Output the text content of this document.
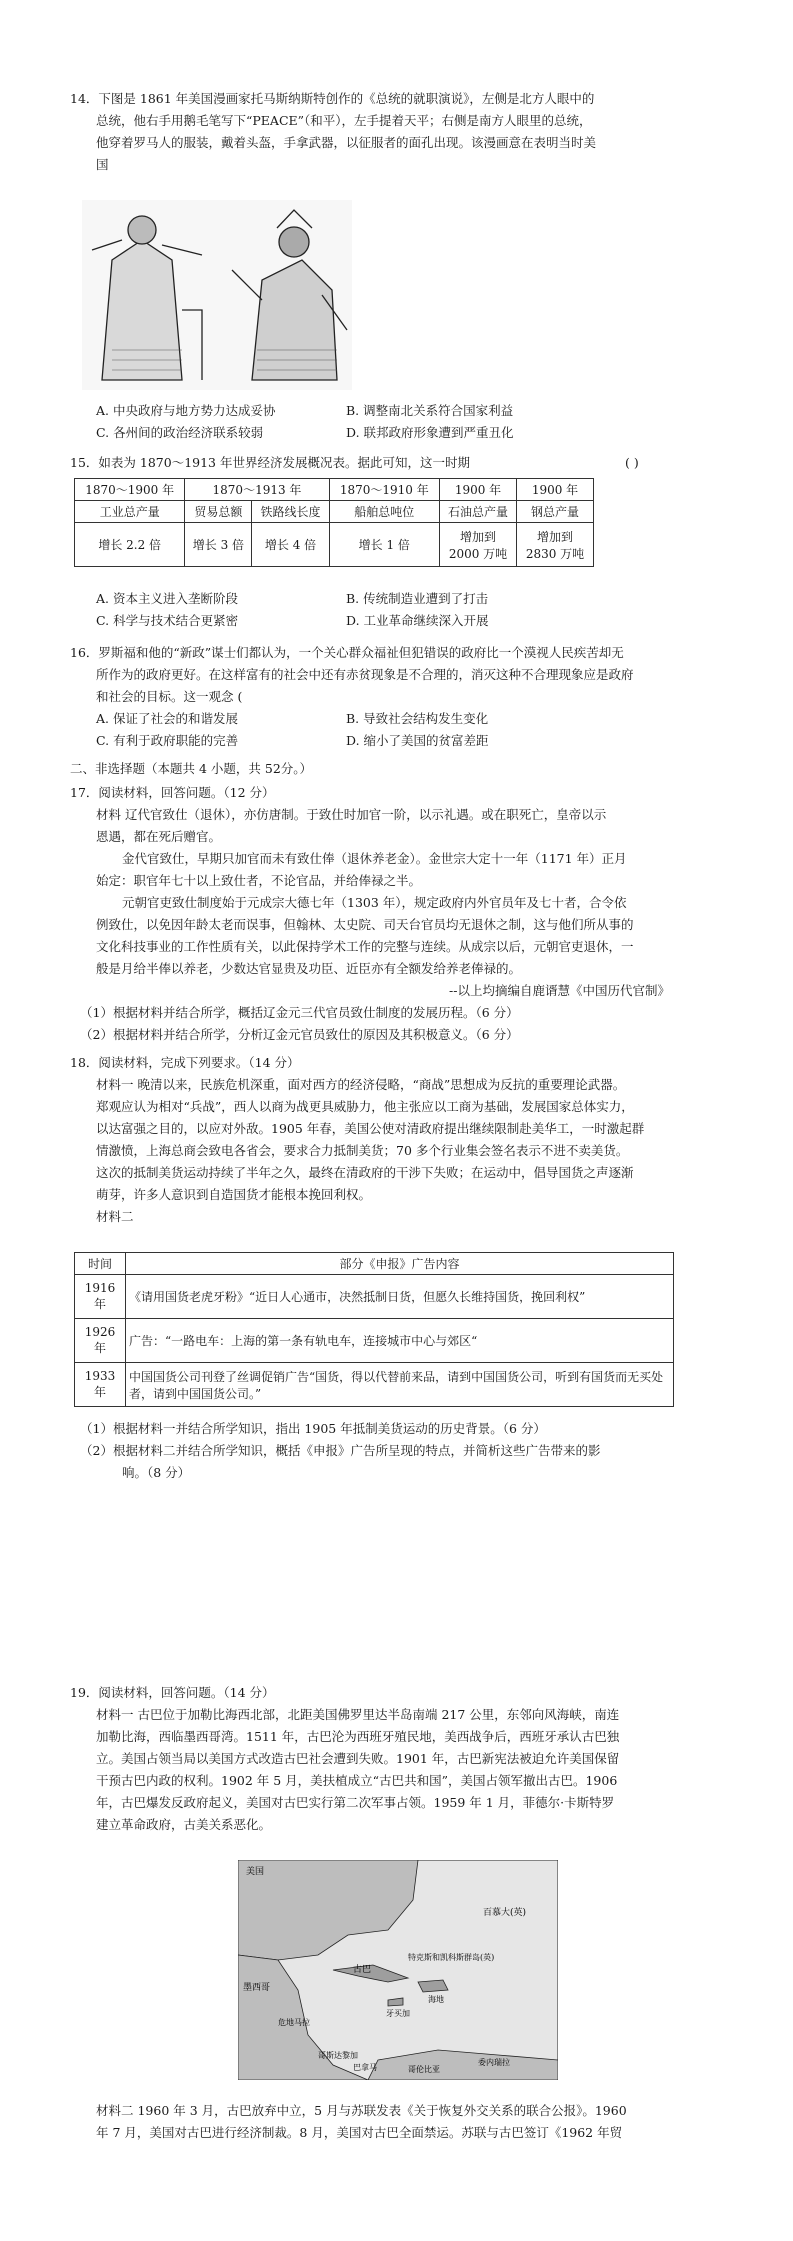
14．下图是 1861 年美国漫画家托马斯纳斯特创作的《总统的就职演说》，左侧是北方人眼中的
总统，他右手用鹅毛笔写下“PEACE”（和平），左手提着天平；右侧是南方人眼里的总统，
他穿着罗马人的服装，戴着头盔，手拿武器，以征服者的面孔出现。该漫画意在表明当时美
国
A. 中央政府与地方势力达成妥协	B. 调整南北关系符合国家利益
C. 各州间的政治经济联系较弱	D. 联邦政府形象遭到严重丑化
15．如表为 1870～1913 年世界经济发展概况表。据此可知，这一时期	( )
1870～1900 年	1870～1913 年		1870～1910 年	1900 年	1900 年
工业总产量	贸易总额	铁路线长度	船舶总吨位	石油总产量	钢总产量
增长 2.2 倍	增长 3 倍	增长 4 倍	增长 1 倍	增加到 2000 万吨	增加到 2830 万吨
A. 资本主义进入垄断阶段	B. 传统制造业遭到了打击
C. 科学与技术结合更紧密	D. 工业革命继续深入开展
16．罗斯福和他的“新政”谋士们都认为，一个关心群众福祉但犯错误的政府比一个漠视人民疾苦却无
所作为的政府更好。在这样富有的社会中还有赤贫现象是不合理的，消灭这种不合理现象应是政府
和社会的目标。这一观念 (
A. 保证了社会的和谐发展	B. 导致社会结构发生变化
C. 有利于政府职能的完善	D. 缩小了美国的贫富差距
二、非选择题（本题共 4 小题，共 52分。）
17．阅读材料，回答问题。（12 分）
材料 辽代官致仕（退休），亦仿唐制。于致仕时加官一阶，以示礼遇。或在职死亡，皇帝以示
恩遇，都在死后赠官。
金代官致仕，早期只加官而未有致仕俸（退休养老金）。金世宗大定十一年（1171 年）正月
始定：职官年七十以上致仕者，不论官品，并给俸禄之半。
元朝官吏致仕制度始于元成宗大德七年（1303 年），规定政府内外官员年及七十者，合令依
例致仕，以免因年龄太老而误事，但翰林、太史院、司天台官员均无退休之制，这与他们所从事的
文化科技事业的工作性质有关，以此保持学术工作的完整与连续。从成宗以后，元朝官吏退休，一
般是月给半俸以养老，少数达官显贵及功臣、近臣亦有全额发给养老俸禄的。
--以上均摘编自鹿谞慧《中国历代官制》
（1）根据材料并结合所学，概括辽金元三代官员致仕制度的发展历程。（6 分）
（2）根据材料并结合所学，分析辽金元官员致仕的原因及其积极意义。（6 分）
18．阅读材料，完成下列要求。（14 分）
材料一 晚清以来，民族危机深重，面对西方的经济侵略，“商战”思想成为反抗的重要理论武器。
郑观应认为相对“兵战”，西人以商为战更具威胁力，他主张应以工商为基础，发展国家总体实力，
以达富强之目的，以应对外敌。1905 年春，美国公使对清政府提出继续限制赴美华工，一时激起群
情激愤，上海总商会致电各省会，要求合力抵制美货；70 多个行业集会签名表示不进不卖美货。
这次的抵制美货运动持续了半年之久，最终在清政府的干涉下失败；在运动中，倡导国货之声逐渐
萌芽，许多人意识到自造国货才能根本挽回利权。
材料二
时间	部分《申报》广告内容
1916 年	《请用国货老虎牙粉》“近日人心通市，决然抵制日货，但愿久长维持国货，挽回利权”
1926 年	广告：“一路电车：上海的第一条有轨电车，连接城市中心与郊区“
1933 年	中国国货公司刊登了丝调促销广告“国货，得以代替前来品，请到中国国货公司，听到有国货而无买处者，请到中国国货公司。”
（1）根据材料一并结合所学知识，指出 1905 年抵制美货运动的历史背景。（6 分）
（2）根据材料二并结合所学知识，概括《申报》广告所呈现的特点，并简析这些广告带来的影
响。（8 分）
19．阅读材料，回答问题。（14 分）
材料一 古巴位于加勒比海西北部，北距美国佛罗里达半岛南端 217 公里，东邻向风海峡，南连
加勒比海，西临墨西哥湾。1511 年，古巴沦为西班牙殖民地，美西战争后，西班牙承认古巴独
立。美国占领当局以美国方式改造古巴社会遭到失败。1901 年，古巴新宪法被迫允许美国保留
干预古巴内政的权利。1902 年 5 月，美扶植成立“古巴共和国”，美国占领军撤出古巴。1906
年，古巴爆发反政府起义，美国对古巴实行第二次军事占领。1959 年 1 月，菲德尔·卡斯特罗
建立革命政府，古美关系恶化。
美国
百慕大(英)
墨西哥
古巴
特克斯和凯科斯群岛(英)
牙买加
海地
危地马拉
哥斯达黎加
巴拿马	哥伦比亚
委内瑞拉
材料二 1960 年 3 月，古巴放弃中立，5 月与苏联发表《关于恢复外交关系的联合公报》。1960
年 7 月，美国对古巴进行经济制裁。8 月，美国对古巴全面禁运。苏联与古巴签订《1962 年贸
